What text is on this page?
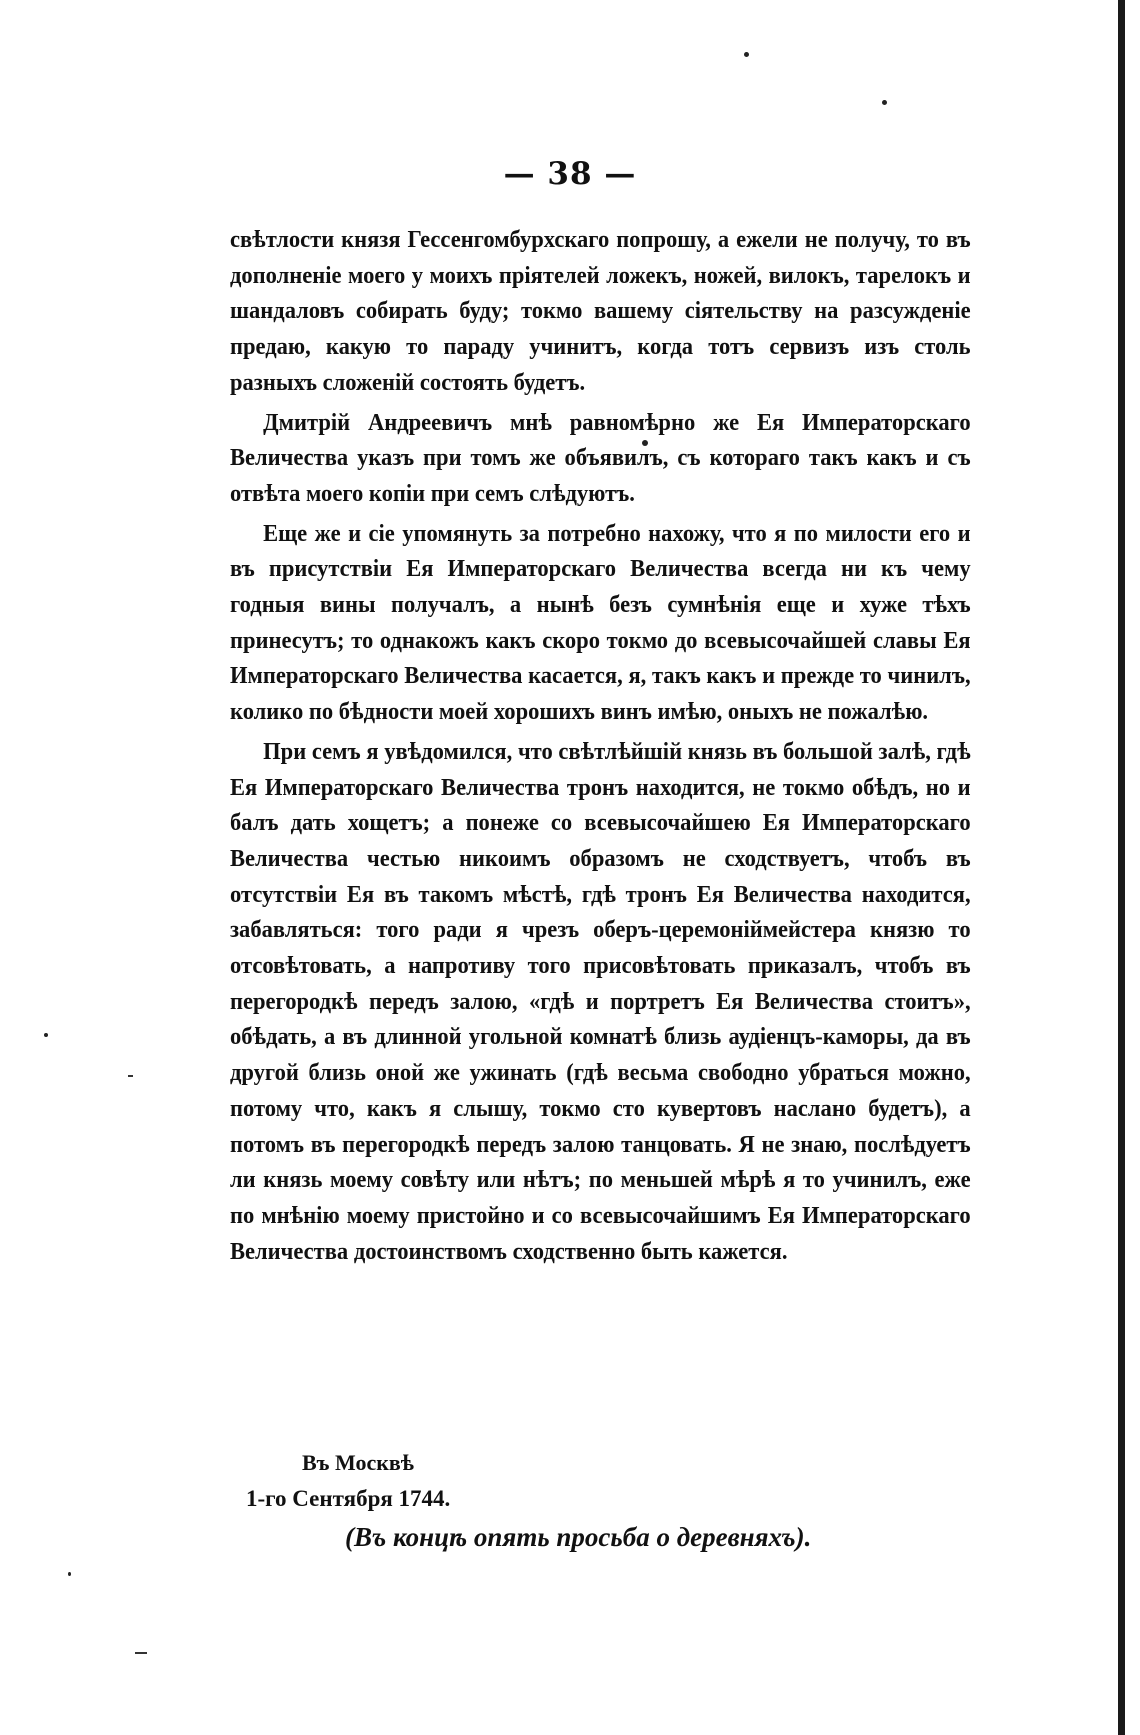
— 38 —

свѣтлости князя Гессенгомбурхскаго попрошу, а ежели не получу, то въ дополненіе моего у моихъ пріятелей ложекъ, ножей, вилокъ, тарелокъ и шандаловъ собирать буду; токмо вашему сіятельству на разсужденіе предаю, какую то параду учинитъ, когда тотъ сервизъ изъ столь разныхъ сложеній состоять будетъ.

Дмитрій Андреевичъ мнѣ равномѣрно же Ея Императорскаго Величества указъ при томъ же объявилъ, съ котораго такъ какъ и съ отвѣта моего копіи при семъ слѣдуютъ.

Еще же и сіе упомянуть за потребно нахожу, что я по милости его и въ присутствіи Ея Императорскаго Величества всегда ни къ чему годныя вины получалъ, а нынѣ безъ сумнѣнія еще и хуже тѣхъ принесутъ; то однакожъ какъ скоро токмо до всевысочайшей славы Ея Императорскаго Величества касается, я, такъ какъ и прежде то чинилъ, колико по бѣдности моей хорошихъ винъ имѣю, оныхъ не пожалѣю.

При семъ я увѣдомился, что свѣтлѣйшій князь въ большой залѣ, гдѣ Ея Императорскаго Величества тронъ находится, не токмо обѣдъ, но и балъ дать хощетъ; а понеже со всевысочайшею Ея Императорскаго Величества честью никоимъ образомъ не сходствуетъ, чтобъ въ отсутствіи Ея въ такомъ мѣстѣ, гдѣ тронъ Ея Величества находится, забавляться: того ради я чрезъ оберъ-церемоніймейстера князю то отсовѣтовать, а напротиву того присовѣтовать приказалъ, чтобъ въ перегородкѣ передъ залою, «гдѣ и портретъ Ея Величества стоитъ», обѣдать, а въ длинной угольной комнатѣ близь аудіенцъ-каморы, да въ другой близь оной же ужинать (гдѣ весьма свободно убраться можно, потому что, какъ я слышу, токмо сто кувертовъ наслано будетъ), а потомъ въ перегородкѣ передъ залою танцовать. Я не знаю, послѣдуетъ ли князь моему совѣту или нѣтъ; по меньшей мѣрѣ я то учинилъ, еже по мнѣнію моему пристойно и со всевысочайшимъ Ея Императорскаго Величества достоинствомъ сходственно быть кажется.

Въ Москвѣ
1-го Сентября 1744.
(Въ концѣ опять просьба о деревняхъ).
